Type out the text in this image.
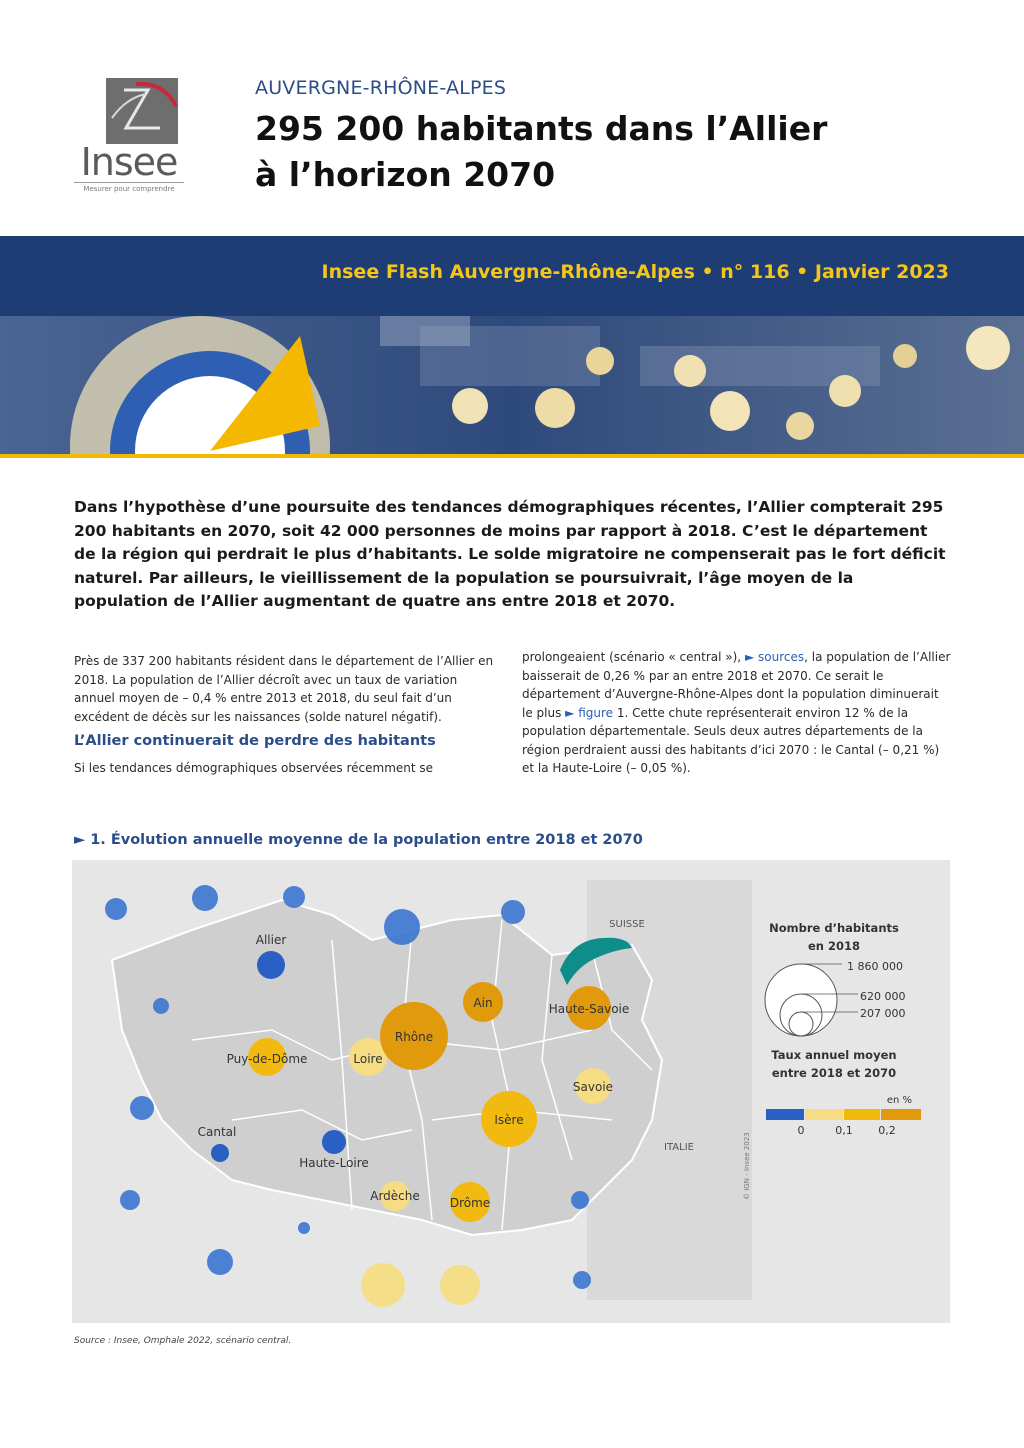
Insee
Mesurer pour comprendre
AUVERGNE-RHÔNE-ALPES
295 200 habitants dans l’Allier
à l’horizon 2070
Insee Flash Auvergne-Rhône-Alpes • n° 116 • Janvier 2023

Dans l’hypothèse d’une poursuite des tendances démographiques récentes, l’Allier compterait 295 200 habitants en 2070, soit 42 000 personnes de moins par rapport à 2018. C’est le département de la région qui perdrait le plus d’habitants. Le solde migratoire ne compenserait pas le fort déficit naturel. Par ailleurs, le vieillissement de la population se poursuivrait, l’âge moyen de la population de l’Allier augmentant de quatre ans entre 2018 et 2070.

Près de 337 200 habitants résident dans le département de l’Allier en 2018. La population de l’Allier décroît avec un taux de variation annuel moyen de – 0,4 % entre 2013 et 2018, du seul fait d’un excédent de décès sur les naissances (solde naturel négatif).

L’Allier continuerait de perdre des habitants

Si les tendances démographiques observées récemment se

prolongeaient (scénario « central »), ► sources, la population de l’Allier baisserait de 0,26 % par an entre 2018 et 2070. Ce serait le département d’Auvergne-Rhône-Alpes dont la population diminuerait le plus ► figure 1. Cette chute représenterait environ 12 % de la population départementale. Seuls deux autres départements de la région perdraient aussi des habitants d’ici 2070 : le Cantal (– 0,21 %) et la Haute-Loire (– 0,05 %).

► 1. Évolution annuelle moyenne de la population entre 2018 et 2070
Allier
Puy-de-Dôme
Cantal
Haute-Loire
Loire
Rhône
Ain	Haute-Savoie
Savoie
Isère
Ardèche	Drôme
SUISSE
ITALIE	© IGN - Insee 2023
Nombre d’habitants
en 2018
1 860 000
620 000
207 000
Taux annuel moyen
entre 2018 et 2070
en %
0	0,1 0,2
Source : Insee, Omphale 2022, scénario central.
